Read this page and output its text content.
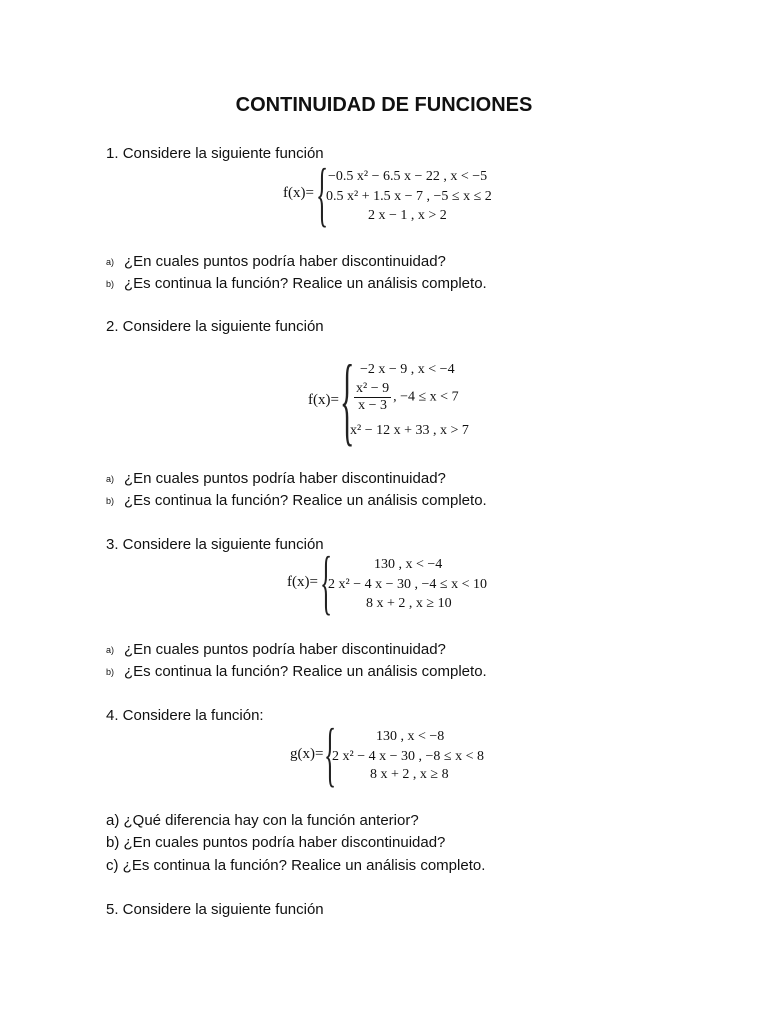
CONTINUIDAD DE FUNCIONES
1. Considere la siguiente función
f(x)= { −0.5 x² − 6.5 x − 22 , x < −5
0.5 x² + 1.5 x − 7 , −5 ≤ x ≤ 2
2 x − 1 , x > 2
a) ¿En cuales puntos podría haber discontinuidad?
b) ¿Es continua la función? Realice un análisis completo.
2. Considere la siguiente función
f(x)= { −2 x − 9 , x < −4
$\frac{\text{x² − 9}}{x - 3}$ , −4 ≤ x < 7
x² − 12 x + 33 , x > 7
a) ¿En cuales puntos podría haber discontinuidad?
b) ¿Es continua la función? Realice un análisis completo.
3. Considere la siguiente función
f(x)= {	130 , x < −4
2 x² − 4 x − 30 , −4 ≤ x < 10
8 x + 2 , x ≥ 10
a) ¿En cuales puntos podría haber discontinuidad?
b) ¿Es continua la función? Realice un análisis completo.
4. Considere la función:
g(x)= {	130 , x < −8
2 x² − 4 x − 30 , −8 ≤ x < 8
8 x + 2 , x ≥ 8
a) ¿Qué diferencia hay con la función anterior?
b) ¿En cuales puntos podría haber discontinuidad?
c) ¿Es continua la función? Realice un análisis completo.
5. Considere la siguiente función
